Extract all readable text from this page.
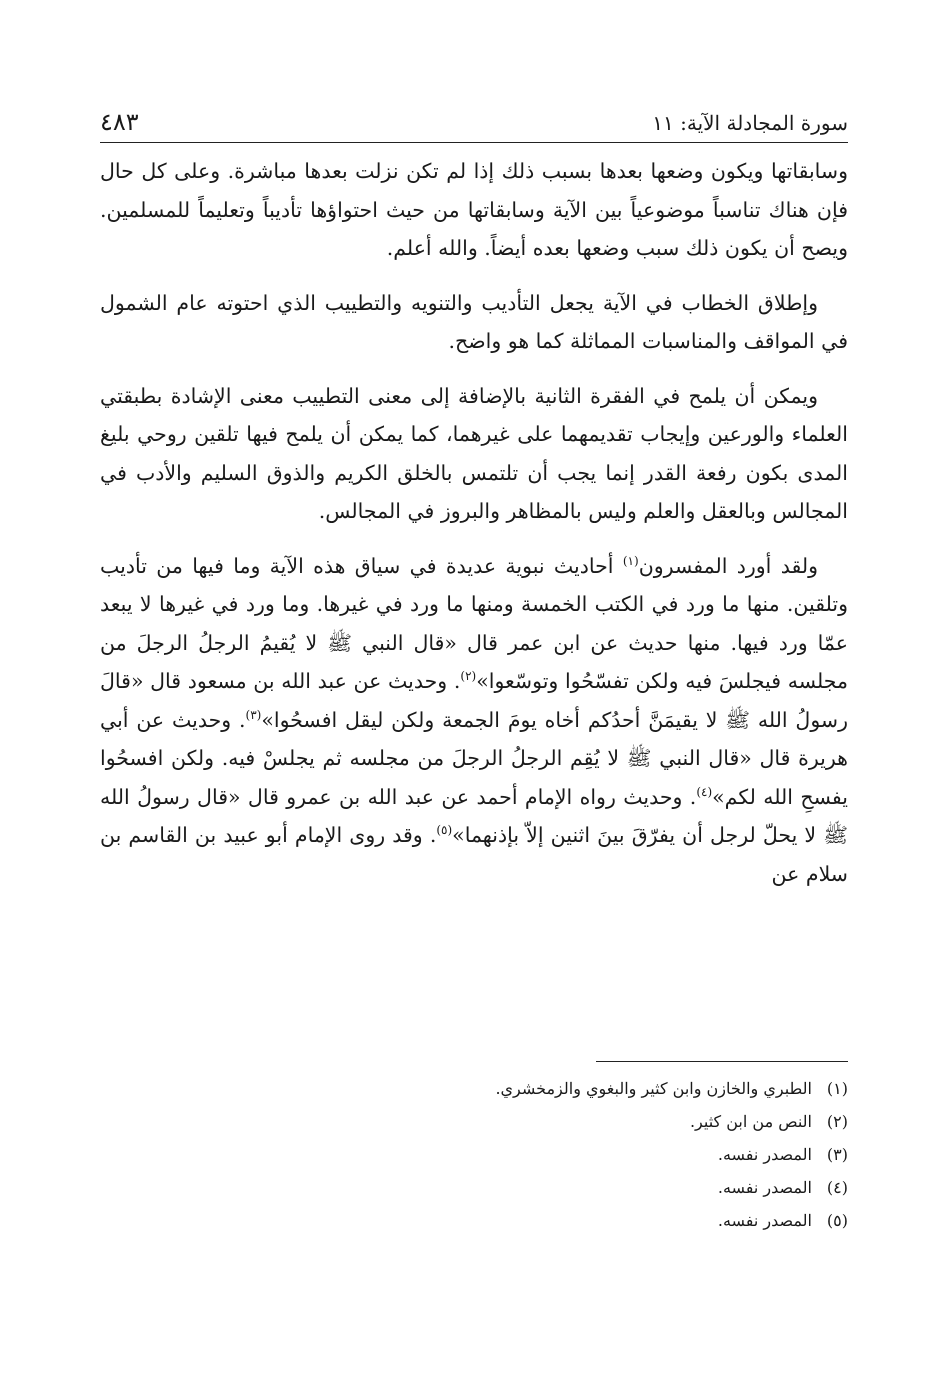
سورة المجادلة الآية: ١١
٤٨٣

وسابقاتها ويكون وضعها بعدها بسبب ذلك إذا لم تكن نزلت بعدها مباشرة. وعلى كل حال فإن هناك تناسباً موضوعياً بين الآية وسابقاتها من حيث احتواؤها تأديباً وتعليماً للمسلمين. ويصح أن يكون ذلك سبب وضعها بعده أيضاً. والله أعلم.

وإطلاق الخطاب في الآية يجعل التأديب والتنويه والتطييب الذي احتوته عام الشمول في المواقف والمناسبات المماثلة كما هو واضح.

ويمكن أن يلمح في الفقرة الثانية بالإضافة إلى معنى التطييب معنى الإشادة بطبقتي العلماء والورعين وإيجاب تقديمهما على غيرهما، كما يمكن أن يلمح فيها تلقين روحي بليغ المدى بكون رفعة القدر إنما يجب أن تلتمس بالخلق الكريم والذوق السليم والأدب في المجالس وبالعقل والعلم وليس بالمظاهر والبروز في المجالس.

ولقد أورد المفسرون$^{(١)}$ أحاديث نبوية عديدة في سياق هذه الآية وما فيها من تأديب وتلقين. منها ما ورد في الكتب الخمسة ومنها ما ورد في غيرها. وما ورد في غيرها لا يبعد عمّا ورد فيها. منها حديث عن ابن عمر قال «قال النبي ﷺ لا يُقيمُ الرجلُ الرجلَ من مجلسه فيجلسَ فيه ولكن تفسّحُوا وتوسّعوا»$^{(٢)}$. وحديث عن عبد الله بن مسعود قال «قالَ رسولُ الله ﷺ لا يقيمَنَّ أحدُكم أخاه يومَ الجمعة ولكن ليقل افسحُوا»$^{(٣)}$. وحديث عن أبي هريرة قال «قال النبي ﷺ لا يُقِم الرجلُ الرجلَ من مجلسه ثم يجلسْ فيه. ولكن افسحُوا يفسحِ الله لكم»$^{(٤)}$. وحديث رواه الإمام أحمد عن عبد الله بن عمرو قال «قال رسولُ الله ﷺ لا يحلّ لرجل أن يفرّقَ بينَ اثنين إلاّ بإذنهما»$^{(٥)}$. وقد روى الإمام أبو عبيد بن القاسم بن سلام عن

(١)الطبري والخازن وابن كثير والبغوي والزمخشري.
(٢)النص من ابن كثير.
(٣)المصدر نفسه.
(٤)المصدر نفسه.
(٥)المصدر نفسه.
